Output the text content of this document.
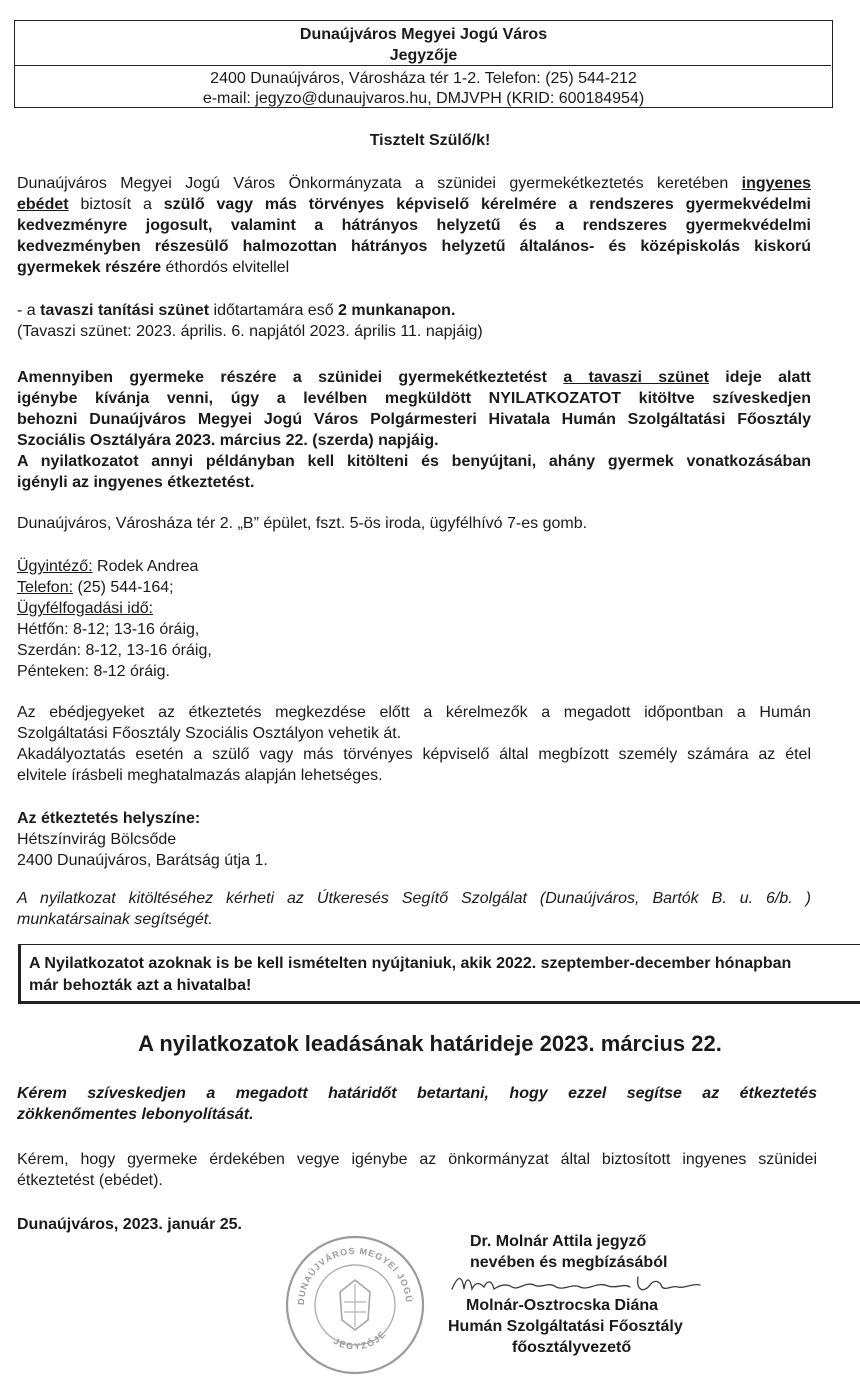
Dunaújváros Megyei Jogú Város
Jegyzője
2400 Dunaújváros, Városháza tér 1-2. Telefon: (25) 544-212
e-mail: jegyzo@dunaujvaros.hu, DMJVPH (KRID: 600184954)
Tisztelt Szülő/k!
Dunaújváros Megyei Jogú Város Önkormányzata a szünidei gyermekétkeztetés keretében ingyenes
ebédet biztosít a szülő vagy más törvényes képviselő kérelmére a rendszeres gyermekvédelmi
kedvezményre jogosult, valamint a hátrányos helyzetű és a rendszeres gyermekvédelmi
kedvezményben részesülő halmozottan hátrányos helyzetű általános- és középiskolás kiskorú
gyermekek részére éthordós elvitellel
- a tavaszi tanítási szünet időtartamára eső 2 munkanapon.
(Tavaszi szünet: 2023. április. 6. napjától 2023. április 11. napjáig)
Amennyiben gyermeke részére a szünidei gyermekétkeztetést a tavaszi szünet ideje alatt
igénybe kívánja venni, úgy a levélben megküldött NYILATKOZATOT kitöltve szíveskedjen
behozni Dunaújváros Megyei Jogú Város Polgármesteri Hivatala Humán Szolgáltatási Főosztály
Szociális Osztályára 2023. március 22. (szerda) napjáig.
A nyilatkozatot annyi példányban kell kitölteni és benyújtani, ahány gyermek vonatkozásában
igényli az ingyenes étkeztetést.
Dunaújváros, Városháza tér 2. „B” épület, fszt. 5-ös iroda, ügyfélhívó 7-es gomb.
Ügyintéző: Rodek Andrea
Telefon: (25) 544-164;
Ügyfélfogadási idő:
Hétfőn: 8-12; 13-16 óráig,
Szerdán: 8-12, 13-16 óráig,
Pénteken: 8-12 óráig.
Az ebédjegyeket az étkeztetés megkezdése előtt a kérelmezők a megadott időpontban a Humán
Szolgáltatási Főosztály Szociális Osztályon vehetik át.
Akadályoztatás esetén a szülő vagy más törvényes képviselő által megbízott személy számára az étel
elvitele írásbeli meghatalmazás alapján lehetséges.
Az étkeztetés helyszíne:
Hétszínvirág Bölcsőde
2400 Dunaújváros, Barátság útja 1.
A nyilatkozat kitöltéséhez kérheti az Útkeresés Segítő Szolgálat (Dunaújváros, Bartók B. u. 6/b. )
munkatársainak segítségét.
A Nyilatkozatot azoknak is be kell ismételten nyújtaniuk, akik 2022. szeptember-december hónapban
már behozták azt a hivatalba!
A nyilatkozatok leadásának határideje 2023. március 22.
Kérem szíveskedjen a megadott határidőt betartani, hogy ezzel segítse az étkeztetés
zökkenőmentes lebonyolítását.
Kérem, hogy gyermeke érdekében vegye igénybe az önkormányzat által biztosított ingyenes szünidei
étkeztetést (ebédet).
Dunaújváros, 2023. január 25.
DUNAÚJVÁROS MEGYEI JOGÚ
JEGYZŐJE
Dr. Molnár Attila jegyző
nevében és megbízásából
Molnár-Osztrocska Diána
Humán Szolgáltatási Főosztály
főosztályvezető
